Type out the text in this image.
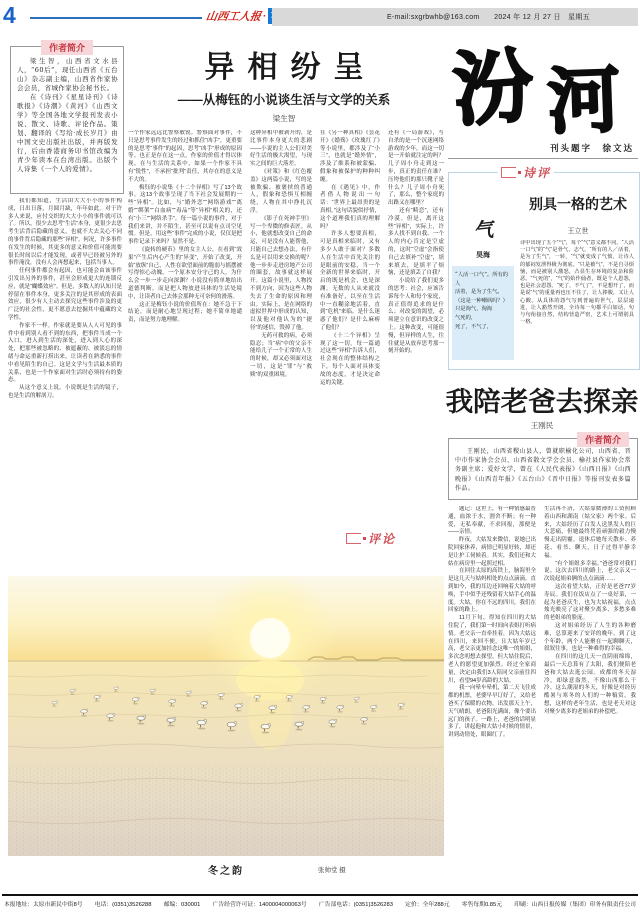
4	山西工人报 ·	E-mail:sxgrbwhb@163.com　　2024 年 12 月 27 日　星期五
异相纷呈
——从梅钰的小说谈生活与文学的关系
梁生智
作者简介

梁生智，山西省文水县人，“60后”，现任山西省《五台山》杂志副主编，山西省作家协会会员，省城作家协会秘书长。

在《诗刊》《星星诗刊》《诗歌报》《诗潮》《黄河》《山西文学》等全国各地文学报刊发表小说、散文、诗歌、评论作品。策划、翻译的《写给·成长岁月》由中国文史出版社出版，并再版发行，后由香港商务印书馆改编为青少年读本在台湾出版。出版个人诗集《一个人的爱情》。

我们都知道，生活由大大小小的事件构成，日出日落，月圆月缺，年年如此。对于许多人来说，应付交织的大大小小的事件就可以了。所以，很少去思考“生活”本身，更很少去思考生活背后隐藏的意义，也就不大去关心不同的事件背后隐藏的那些“异相”。何况，许多事件在发生的时候，其更多的意义和价值可能需要很长时间以后才能发现，或者早已经被另外的事件淹没，没有人会再想起来，包括当事人。

任何事件都会有起因，也可能会由该事件引发出另外的事件，甚至会形成更大的连锁反应，就是“蝴蝶效应”。但是，多数人的认知只是停留在事件本身，更多关注的是其形成的表面效应，很少有人主动去探究这些事件涉及的更广泛的社会性，更不愿意去挖掘其中蕴藏的文学性。

作家不一样。作家就是要从人人可见的事件中看到别人看不到的东西，把事件当成一个入口，进入到生活的深处，进入到人心的深处，把那些被忽略的、被遮蔽的、被淡忘的情绪与命运重新打捞出来，让读者在熟悉的事件中看见陌生的自己。这是文学与生活最本质的关系，也是一个作家面对生活时必须持有的姿态。

从这个意义上说，小说既是生活的镜子，也是生活的解剖刀。

一个作家远远比警察敏锐。警察面对事件，不只是思考事件发生的经过和抓住“凶手”，更重要的是思考“事件”的起因，思考“凶手”形成的原因等。也正是存在这一点，作家的价值才得以体现。在与生活的关系中，如果一个作家不具有“锐性”，不承担“批判”责任，其存在的意义是不大的。

梅钰的小说集《十二个异相》写了13个故事。这13个故事呈现了当下社会发展期的一些“异相”。比如，与“婚外恋”“网络游戏”“离婚”“绑架”“白血病”“毒品”等“异相”相关的，还有“小三”“网络杀手”。每一篇小说的事件，对于我们来讲，并不陌生，甚至可以说有点司空见惯。但是，用这些“事件”完成的小说，仅仅是把事件记录下来吗？显然不是。

《旋转的硬币》里的女主人公，在看到“效果”产生后内心产生的“异变”，开始了改变，开始“放纵”自己，人性在欲望面前的脆弱与摇摆被写得惊心动魄。一个原本安分守己的人，为什么会一步一步走向深渊？小说没有简单地给出道德判断，而是把人物放进具体的生活处境中，让读者自己去体会那种无可奈何的滑落。

这正是梅钰小说的价值所在：她不急于下结论，而是耐心地呈现过程；她不简单地谴责，而是努力地理解。

这种异相中被剥开的，是比事件本身更大的悲剧——小说的主人公们对美好生活的极大渴望，与现实之间的巨大落差。

《对策》和《红色覆盖》这两篇小说，写的是被欺骗、被裹挟的普通人，假象和恐惧互相缠绕，人物在其中挣扎沉浮。

《影子在死神手里》写一个卑微的修表匠。从小，他就想改变自己的命运，可是没有人能帮他，只能自己去想办法，有什么是可以用来交换的呢？他一步步走进房地产公司的圈套，故事就这样展开。这篇小说里，人物找不到方向，因为这些人物失去了生命的原因和理由。实际上，是在网络的虚拟世界中形成的认知，以及他对他认为的“捷径”的迷信，毁掉了他。

无药可救的病，必须隐忍；当“病”中的父亲不能给儿子一个正常的人生的时候，却又必须面对这一切，这是“罪”与“救赎”的双重困境。

在《另一种真相》《昙花开》《婚殇》《玫瑰红了》等小说里，都涉及了“小三”，也就是“婚外情”，涉及了维系和被蒙骗、假象和被保护的种种纠缠。

在《遇见》中，作者借人物说出一句话：“世界上最昂贵的是真相。”这句话貌似抒情，这个道理我们真的理解吗？

许多人想要真相，可是真相来临时，又有多少人敢于面对？多数人在生活中首先关注的是眼前的安稳，当一个全新的世界来临时，开启的既是机会，也是深渊。无数的人从来就没有准备好，以至在生活中一直糊涂地活着，直到“危机”来临。是什么迷惑了他们？是什么麻痹了他们？

《十二个异相》呈现了这一切。每一篇通过这些“异相”告诉人们，社会现在的整体结构之下，每个人面对具体变故的态度，才是决定命运的关键。

还有《一局游戏》，写自杀的是一个沉迷网络游戏的少年，而这一切是一开始就注定的吗？儿子周小舟走到这一步，真正的责任在谁？压垮他们的那只靴子是什么？儿子周小舟死了，那么，整个家庭的出路又在哪里？

还有“畸恋”，还有冷漠。但是，离开这些“异相”，实际上，许多人找不到自我。一个人的内心肯定是空虚的，这时“空虚”会指使自己去填补“空虚”，填来填去，是填平了烦恼，还是填丢了自我？

小说给了我们更多的思考：社会，应该告诉每个人和每个家庭，真正值得追求的是什么；对改变的渴望，必须建立在意识的改变之上。这种改变，可能很慢，但异样的人生，往往就是从放弃思考那一刻开始的。

评论
汾 河
刊头题字　徐文达
诗评
气
昊海

“人活一口气”。所有的人

活着，是为了生气。

（这是一种嘲讽吗？）

只是淘气，淘淘

气死的，

死了，不气了，

别具一格的艺术
王立世

诗中出现了五个“气”，每个“气”意义都不同。“人活一口气”的“气”是骨气、志气。“所有的人／活着，是为了生气”，一转，“气”就变成了气愤，让诗人的郁闷发泄得极为彻底。“只是被气”，不是自寻烦恼，而是被别人激怒，凸显生存环境的复杂和险恶。“气死的”，“气”的始作俑者，既是个人恩怨，也是社会恩怨。“死了，不气了”，不是想开了，而是说“气”的重量再也压不住了，让人捧腹，又让人心酸。从具体的怨气写到普遍的世气，层层递进，让人豁然开朗。全诗每一句都平白如话，句与句衔接自然，结构营造严密，艺术上可谓别具一格。

我陪老爸去探亲
王刚民
作者简介

王刚民，山西省稷山县人，曾就职榆化公司，山西省、晋中市作家协会会员、山西省散文学会会员、榆社县作家协会常务副主席；爱好文学，曾在《人民代表报》《山西日报》《山西晚报》《山西青年报》《五台山》《晋中日报》等报刊发表多篇作品。

题记：这世上，有一种情感最普通，血浓于水，割舍不断；有一种爱，无私奉献，不求回报，那便是——亲情。

昨夜，大姑发来微信，说她已出院回家休养，病情已明显好转，却还是让护工伺候着。其实，我们还和大姑在病房里一起照过相。

在回往太原的高铁上，脑海里全是这几天与姑妈相处的点点滴滴。直到如今，我的耳边还回响着大姑的呼唤，手中似乎还残留着大姑手心的温度。大姑，你在不远的四川，我们在回家的路上。

11月下旬，得知在四川的大姑住院了，我们第一时间向表姐打听病情。老父亲一直牵挂着，因为大姑远在四川，来回不便，且大姑年岁已高，老父亲更加挂念这唯一的姐姐，多次念叨想去探望。但大姑住院后，老人的愿望更加强烈。经过全家商量，决定由我们3人陪同父亲前往四川，看望94岁高龄的大姑。

我一向晕车晕机，第二天飞往成都的机票，老婆早早订好了，又给老爸买了保暖的衣物。出发那天上午，天气晴朗，老爸阳光满面，像个要出远门的孩子。一路上，老爸的话明显多了，讲起他和大姑小时候的情景，讲到动情处，眼圈红了。

生活再不济，大姑靠微薄的工资照顾着山西和湖南（姑父家）两个家。后来，大姑经历了白发人送黑发人的巨大悲痛，但她最终凭着顽强的毅力慢慢走出阴霾。退休后她每天散步、养花、看书、聊天，日子过得平静幸福。

“有个姐姐多幸福。”爸爸常对我们说。这次去四川的路上，老父亲又一次说起姐弟俩的点点滴滴……

这次看望大姑，正好是老爸77岁寿辰。我们在饭店点了一桌好菜，一起为老爸庆生，也为大姑祝福，点点烛光映亮了这对聚少离多、多愁多难的老姐弟的脸庞。

这对姐弟经历了人生的各种磨难，总算迎来了安详的晚年。到了这个年龄，两个人能聚在一起聊聊天，叙叙往事，也是一种难得的幸福。

在四川的这几天一直阴雨绵绵，最后一天总算有了太阳，我们便陪老爸和大姑去逛公园。成都的冬天湿冷，却绿意盎然，不像山西那么干冷。这么潮湿的冬天，好像是对经历酷暑与寒冬的人们的一种犒赏。我想，这样的老年生活，也是老天对这对聚少离多的老姐弟的补偿吧。

冬之韵	张帅堂 摄
本报地址：太原市新民中街8号 电话：(0351)3526288 邮编：030001 广告经营许可证：1400004000063号 广告部电话：(0351)3526283 定价：全年288元 零售每期0.85元 印刷：山西日报传媒（集团）印务有限责任公司
